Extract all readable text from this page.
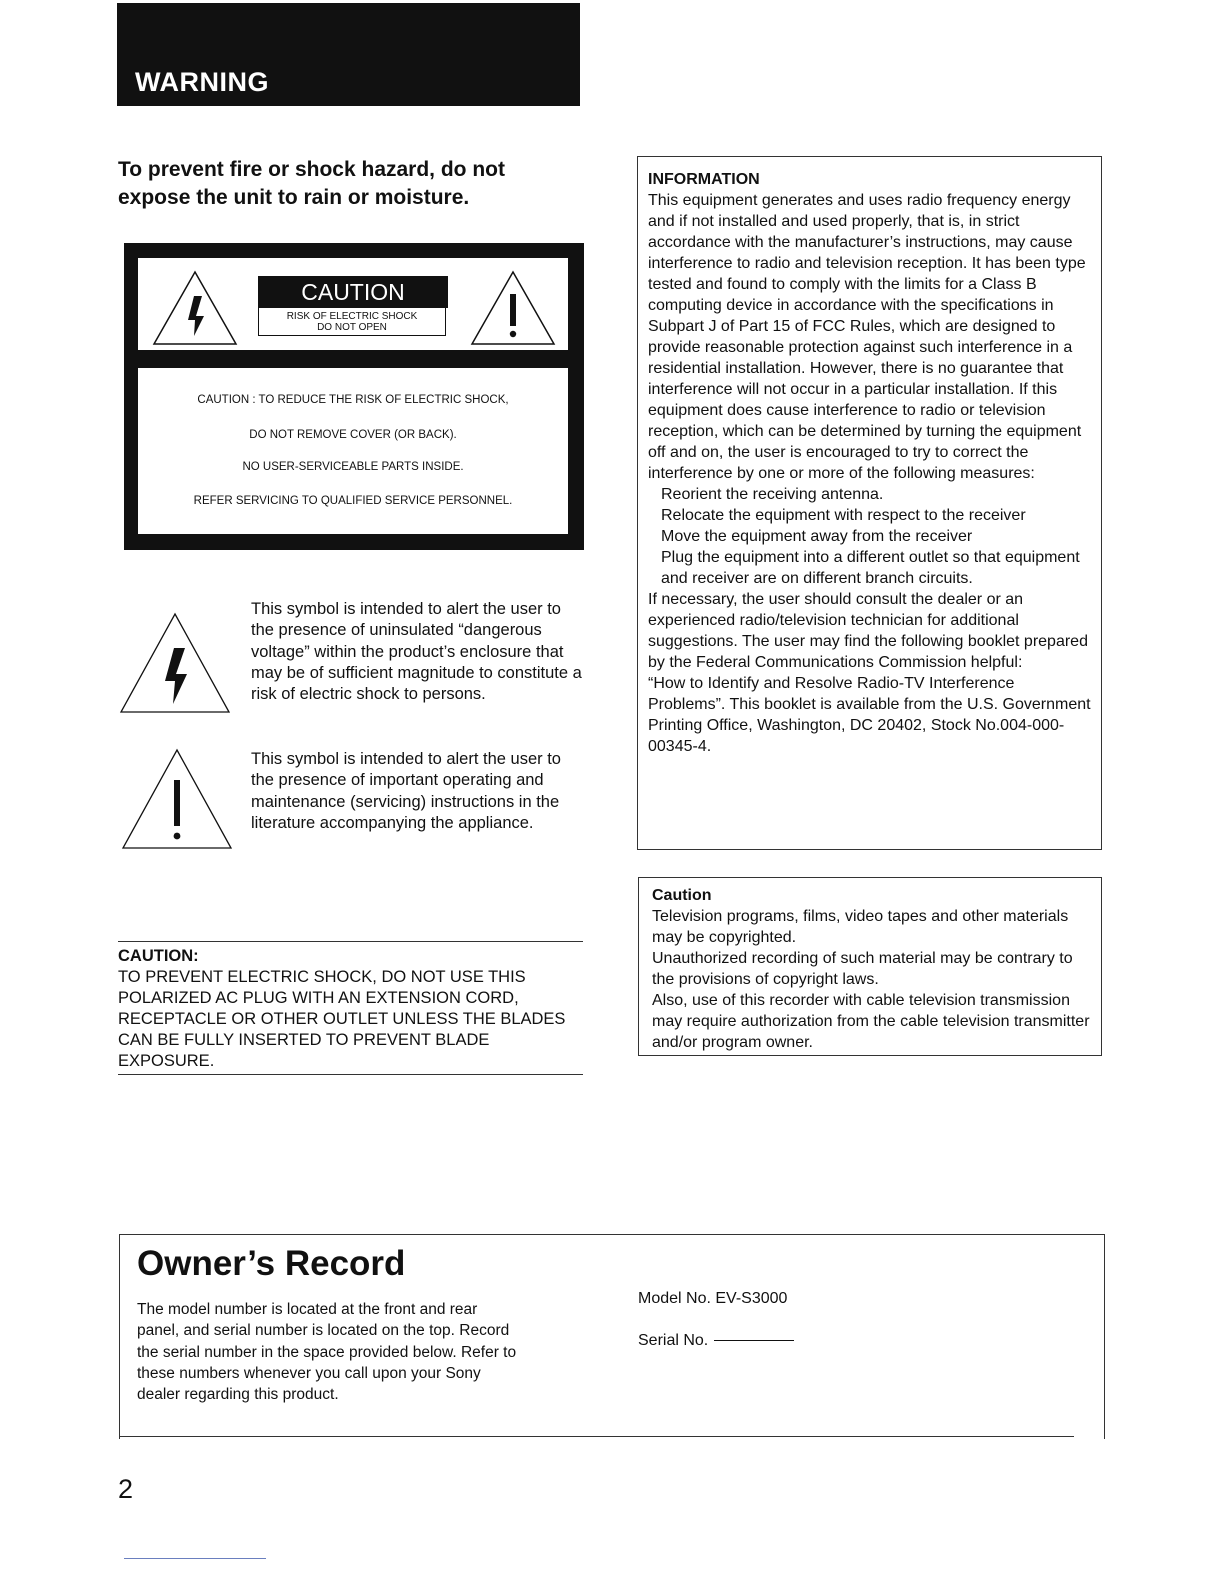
WARNING
To prevent fire or shock hazard, do not expose the unit to rain or moisture.
CAUTION
RISK OF ELECTRIC SHOCK
DO NOT OPEN
CAUTION : TO REDUCE THE RISK OF ELECTRIC SHOCK,
DO NOT REMOVE COVER (OR BACK).
NO USER-SERVICEABLE PARTS INSIDE.
REFER SERVICING TO QUALIFIED SERVICE PERSONNEL.
This symbol is intended to alert the user to the presence of uninsulated “dangerous voltage” within the product’s enclosure that may be of sufficient magnitude to constitute a risk of electric shock to persons.
This symbol is intended to alert the user to the presence of important operating and maintenance (servicing) instructions in the literature accompanying the appliance.
CAUTION:
TO PREVENT ELECTRIC SHOCK, DO NOT USE THIS POLARIZED AC PLUG WITH AN EXTENSION CORD, RECEPTACLE OR OTHER OUTLET UNLESS THE BLADES CAN BE FULLY INSERTED TO PREVENT BLADE EXPOSURE.
INFORMATION
This equipment generates and uses radio frequency energy and if not installed and used properly, that is, in strict accordance with the manufacturer’s instructions, may cause interference to radio and television reception. It has been type tested and found to comply with the limits for a Class B computing device in accordance with the specifications in Subpart J of Part 15 of FCC Rules, which are designed to provide reasonable protection against such interference in a residential installation. However, there is no guarantee that interference will not occur in a particular installation. If this equipment does cause interference to radio or television reception, which can be determined by turning the equipment off and on, the user is encouraged to try to correct the interference by one or more of the following measures:
Reorient the receiving antenna.
Relocate the equipment with respect to the receiver
Move the equipment away from the receiver
Plug the equipment into a different outlet so that equipment and receiver are on different branch circuits.
If necessary, the user should consult the dealer or an experienced radio/television technician for additional suggestions. The user may find the following booklet prepared by the Federal Communications Commission helpful:
“How to Identify and Resolve Radio-TV Interference Problems”. This booklet is available from the U.S. Government Printing Office, Washington, DC 20402, Stock No.004-000-00345-4.
Caution
Television programs, films, video tapes and other materials may be copyrighted.
Unauthorized recording of such material may be contrary to the provisions of copyright laws.
Also, use of this recorder with cable television transmission may require authorization from the cable television transmitter and/or program owner.
Owner’s Record
The model number is located at the front and rear panel, and serial number is located on the top. Record the serial number in the space provided below. Refer to these numbers whenever you call upon your Sony dealer regarding this product.
Model No. EV-S3000
Serial No.
2
